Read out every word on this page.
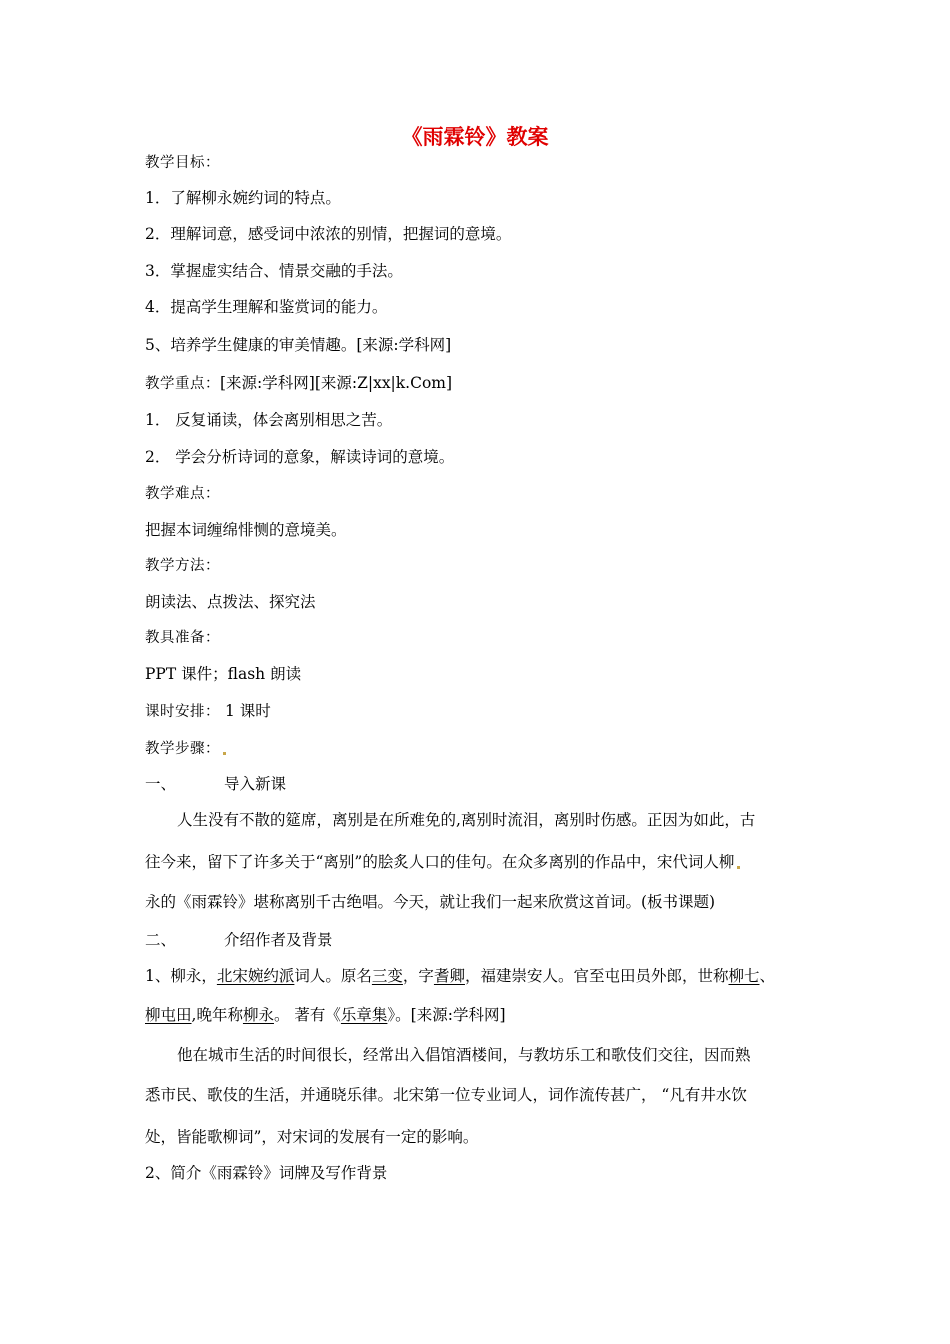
《雨霖铃》教案
教学目标：
1．了解柳永婉约词的特点。
2．理解词意，感受词中浓浓的别情，把握词的意境。
3．掌握虚实结合、情景交融的手法。
4．提高学生理解和鉴赏词的能力。
5、培养学生健康的审美情趣。[来源:学科网]
教学重点：[来源:学科网][来源:Z|xx|k.Com]
1． 反复诵读，体会离别相思之苦。
2． 学会分析诗词的意象，解读诗词的意境。
教学难点：
把握本词缠绵悱恻的意境美。
教学方法：
朗读法、点拨法、探究法
教具准备：
PPT 课件；flash 朗读
课时安排： 1 课时
教学步骤：
一、	导入新课
人生没有不散的筵席，离别是在所难免的,离别时流泪，离别时伤感。正因为如此，古
往今来，留下了许多关于“离别”的脍炙人口的佳句。在众多离别的作品中，宋代词人柳
永的《雨霖铃》堪称离别千古绝唱。今天，就让我们一起来欣赏这首词。(板书课题)
二、	介绍作者及背景
1、柳永，北宋婉约派词人。原名三变，字耆卿，福建崇安人。官至屯田员外郎，世称柳七、
柳屯田,晚年称柳永。 著有《乐章集》。[来源:学科网]
他在城市生活的时间很长，经常出入倡馆酒楼间，与教坊乐工和歌伎们交往，因而熟
悉市民、歌伎的生活，并通晓乐律。北宋第一位专业词人，词作流传甚广， “凡有井水饮
处，皆能歌柳词”，对宋词的发展有一定的影响。
2、简介《雨霖铃》词牌及写作背景
